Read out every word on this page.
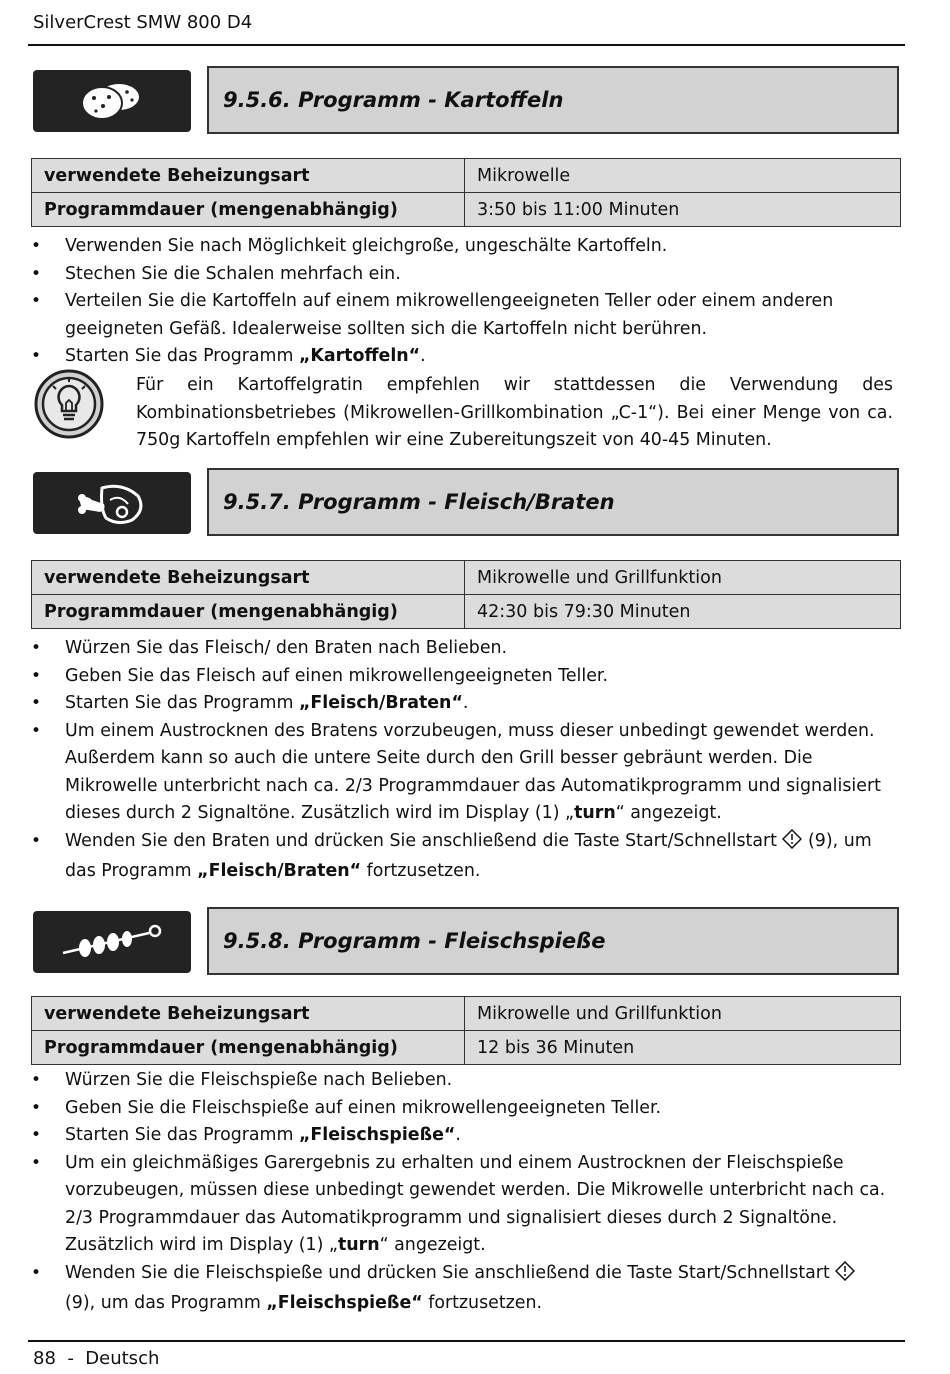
SilverCrest SMW 800 D4
9.5.6. Programm - Kartoffeln
verwendete Beheizungsart	Mikrowelle
Programmdauer (mengenabhängig)	3:50 bis 11:00 Minuten
• Verwenden Sie nach Möglichkeit gleichgroße, ungeschälte Kartoffeln.
• Stechen Sie die Schalen mehrfach ein.
• Verteilen Sie die Kartoffeln auf einem mikrowellengeeigneten Teller oder einem anderen geeigneten Gefäß. Idealerweise sollten sich die Kartoffeln nicht berühren.
• Starten Sie das Programm „Kartoffeln“.
Für ein Kartoffelgratin empfehlen wir stattdessen die Verwendung des Kombinationsbetriebes (Mikrowellen-Grillkombination „C-1“). Bei einer Menge von ca. 750g Kartoffeln empfehlen wir eine Zubereitungszeit von 40-45 Minuten.
9.5.7. Programm - Fleisch/Braten
verwendete Beheizungsart	Mikrowelle und Grillfunktion
Programmdauer (mengenabhängig)	42:30 bis 79:30 Minuten
• Würzen Sie das Fleisch/ den Braten nach Belieben.
• Geben Sie das Fleisch auf einen mikrowellengeeigneten Teller.
• Starten Sie das Programm „Fleisch/Braten“.
• Um einem Austrocknen des Bratens vorzubeugen, muss dieser unbedingt gewendet werden. Außerdem kann so auch die untere Seite durch den Grill besser gebräunt werden. Die Mikrowelle unterbricht nach ca. 2/3 Programmdauer das Automatikprogramm und signalisiert dieses durch 2 Signaltöne. Zusätzlich wird im Display (1) „turn“ angezeigt.
• Wenden Sie den Braten und drücken Sie anschließend die Taste Start/Schnellstart  (9), um das Programm „Fleisch/Braten“ fortzusetzen.
9.5.8. Programm - Fleischspieße
verwendete Beheizungsart	Mikrowelle und Grillfunktion
Programmdauer (mengenabhängig)	12 bis 36 Minuten
• Würzen Sie die Fleischspieße nach Belieben.
• Geben Sie die Fleischspieße auf einen mikrowellengeeigneten Teller.
• Starten Sie das Programm „Fleischspieße“.
• Um ein gleichmäßiges Garergebnis zu erhalten und einem Austrocknen der Fleischspieße vorzubeugen, müssen diese unbedingt gewendet werden. Die Mikrowelle unterbricht nach ca. 2/3 Programmdauer das Automatikprogramm und signalisiert dieses durch 2 Signaltöne. Zusätzlich wird im Display (1) „turn“ angezeigt.
• Wenden Sie die Fleischspieße und drücken Sie anschließend die Taste Start/Schnellstart  (9), um das Programm „Fleischspieße“ fortzusetzen.
88  -  Deutsch
